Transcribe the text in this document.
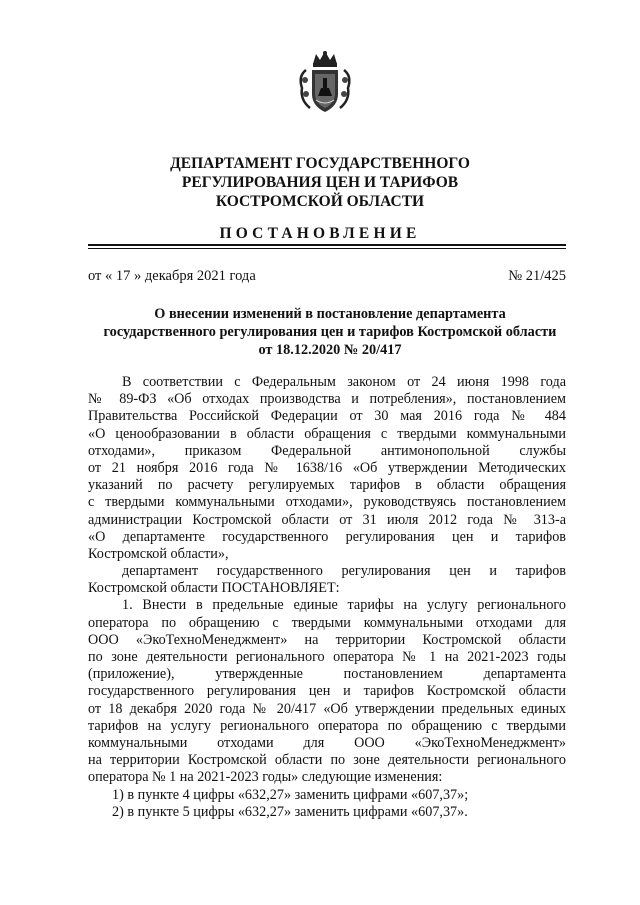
ДЕПАРТАМЕНТ ГОСУДАРСТВЕННОГО
РЕГУЛИРОВАНИЯ ЦЕН И ТАРИФОВ
КОСТРОМСКОЙ ОБЛАСТИ
ПОСТАНОВЛЕНИЕ
от « 17 » декабря 2021 года	№ 21/425
О внесении изменений в постановление департамента
государственного регулирования цен и тарифов Костромской области
от 18.12.2020 № 20/417
В соответствии с Федеральным законом от 24 июня 1998 года
№ 89-ФЗ «Об отходах производства и потребления», постановлением
Правительства Российской Федерации от 30 мая 2016 года № 484
«О ценообразовании в области обращения с твердыми коммунальными
отходами», приказом Федеральной антимонопольной службы
от 21 ноября 2016 года № 1638/16 «Об утверждении Методических
указаний по расчету регулируемых тарифов в области обращения
с твердыми коммунальными отходами», руководствуясь постановлением
администрации Костромской области от 31 июля 2012 года № 313-а
«О департаменте государственного регулирования цен и тарифов
Костромской области»,
департамент государственного регулирования цен и тарифов
Костромской области ПОСТАНОВЛЯЕТ:
1. Внести в предельные единые тарифы на услугу регионального
оператора по обращению с твердыми коммунальными отходами для
ООО «ЭкоТехноМенеджмент» на территории Костромской области
по зоне деятельности регионального оператора № 1 на 2021-2023 годы
(приложение), утвержденные постановлением департамента
государственного регулирования цен и тарифов Костромской области
от 18 декабря 2020 года № 20/417 «Об утверждении предельных единых
тарифов на услугу регионального оператора по обращению с твердыми
коммунальными отходами для ООО «ЭкоТехноМенеджмент»
на территории Костромской области по зоне деятельности регионального
оператора № 1 на 2021-2023 годы» следующие изменения:
1) в пункте 4 цифры «632,27» заменить цифрами «607,37»;
2) в пункте 5 цифры «632,27» заменить цифрами «607,37».
